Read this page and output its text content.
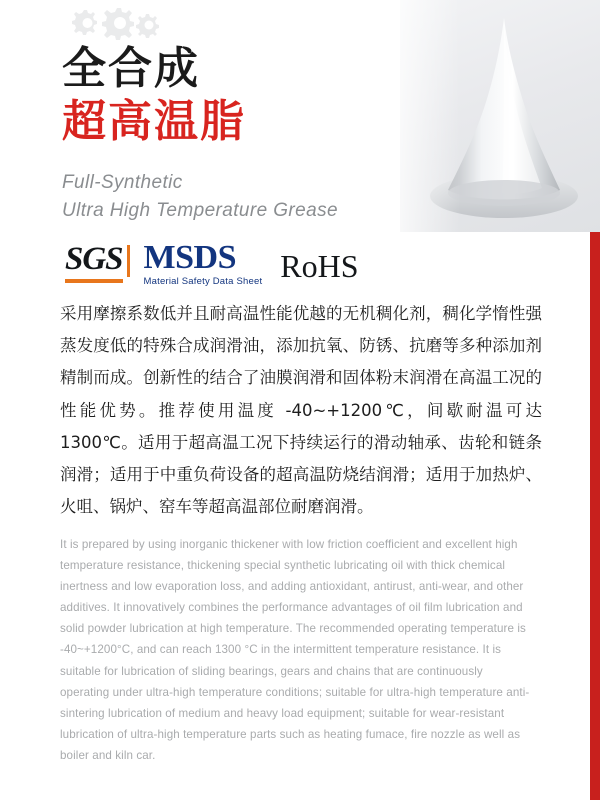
全合成
超高温脂
Full-Synthetic
Ultra High Temperature Grease
SGS MSDS
Material Safety Data Sheet RoHS
采用摩擦系数低并且耐高温性能优越的无机稠化剂，稠化学惰性强蒸发度低的特殊合成润滑油，添加抗氧、防锈、抗磨等多种添加剂精制而成。创新性的结合了油膜润滑和固体粉末润滑在高温工况的性能优势。推荐使用温度 -40~+1200℃，间歇耐温可达 1300℃。适用于超高温工况下持续运行的滑动轴承、齿轮和链条润滑；适用于中重负荷设备的超高温防烧结润滑；适用于加热炉、火咀、锅炉、窑车等超高温部位耐磨润滑。
It is prepared by using inorganic thickener with low friction coefficient and excellent high temperature resistance, thickening special synthetic lubricating oil with thick chemical inertness and low evaporation loss, and adding antioxidant, antirust, anti-wear, and other additives. It innovatively combines the performance advantages of oil film lubrication and solid powder lubrication at high temperature. The recommended operating temperature is -40~+1200°C, and can reach 1300 °C in the intermittent temperature resistance. It is suitable for lubrication of sliding bearings, gears and chains that are continuously operating under ultra-high temperature conditions; suitable for ultra-high temperature anti-sintering lubrication of medium and heavy load equipment; suitable for wear-resistant lubrication of ultra-high temperature parts such as heating fumace, fire nozzle as well as boiler and kiln car.
